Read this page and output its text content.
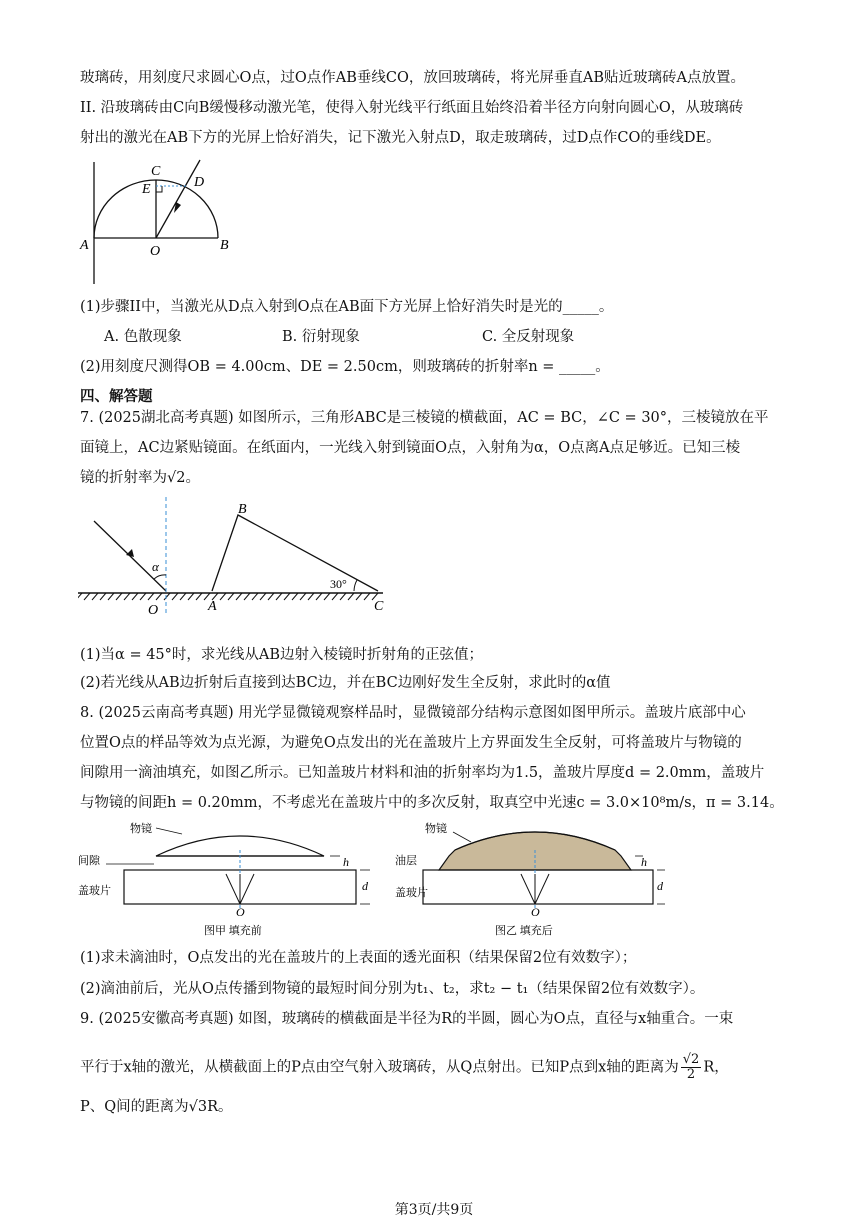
玻璃砖，用刻度尺求圆心O点，过O点作AB垂线CO，放回玻璃砖，将光屏垂直AB贴近玻璃砖A点放置。
II. 沿玻璃砖由C向B缓慢移动激光笔，使得入射光线平行纸面且始终沿着半径方向射向圆心O，从玻璃砖
射出的激光在AB下方的光屏上恰好消失，记下激光入射点D，取走玻璃砖，过D点作CO的垂线DE。
C
D
E
A	O	B
(1)步骤II中，当激光从D点入射到O点在AB面下方光屏上恰好消失时是光的_____。
A. 色散现象	B. 衍射现象	C. 全反射现象
(2)用刻度尺测得OB = 4.00cm、DE = 2.50cm，则玻璃砖的折射率n = _____。
四、解答题
7. (2025湖北高考真题) 如图所示，三角形ABC是三棱镜的横截面，AC = BC，∠C = 30°，三棱镜放在平
面镜上，AC边紧贴镜面。在纸面内，一光线入射到镜面O点，入射角为α，O点离A点足够近。已知三棱
镜的折射率为√2。
B
α
30°
O	A	C
(1)当α = 45°时，求光线从AB边射入棱镜时折射角的正弦值；
(2)若光线从AB边折射后直接到达BC边，并在BC边刚好发生全反射，求此时的α值
8. (2025云南高考真题) 用光学显微镜观察样品时，显微镜部分结构示意图如图甲所示。盖玻片底部中心
位置O点的样品等效为点光源，为避免O点发出的光在盖玻片上方界面发生全反射，可将盖玻片与物镜的
间隙用一滴油填充，如图乙所示。已知盖玻片材料和油的折射率均为1.5，盖玻片厚度d = 2.0mm，盖玻片
与物镜的间距h = 0.20mm，不考虑光在盖玻片中的多次反射，取真空中光速c = 3.0×10⁸m/s，π = 3.14。
物镜
间隙
盖玻片
h
d
O
图甲 填充前
物镜
油层
盖玻片
h
d
O
图乙 填充后
(1)求未滴油时，O点发出的光在盖玻片的上表面的透光面积（结果保留2位有效数字）；
(2)滴油前后，光从O点传播到物镜的最短时间分别为t₁、t₂，求t₂ − t₁（结果保留2位有效数字）。
9. (2025安徽高考真题) 如图，玻璃砖的横截面是半径为R的半圆，圆心为O点，直径与x轴重合。一束
平行于x轴的激光，从横截面上的P点由空气射入玻璃砖，从Q点射出。已知P点到x轴的距离为 $\frac{√2}{2}$ R，
P、Q间的距离为√3R。
第3页/共9页
